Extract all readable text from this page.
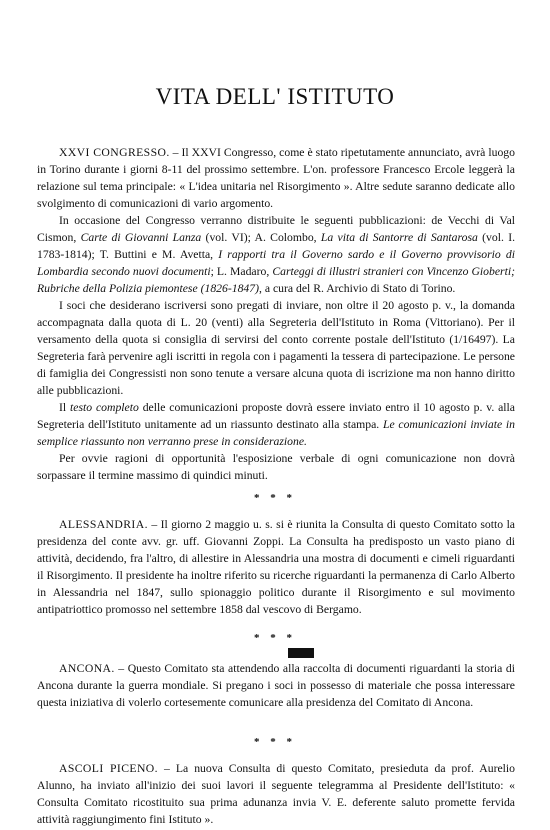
VITA DELL' ISTITUTO

XXVI CONGRESSO. – Il XXVI Congresso, come è stato ripetutamente annunciato, avrà luogo in Torino durante i giorni 8-11 del prossimo settembre. L'on. professore Francesco Ercole leggerà la relazione sul tema principale: « L'idea unitaria nel Risorgimento ». Altre sedute saranno dedicate allo svolgimento di comunicazioni di vario argomento.

In occasione del Congresso verranno distribuite le seguenti pubblicazioni: de Vecchi di Val Cismon, Carte di Giovanni Lanza (vol. VI); A. Colombo, La vita di Santorre di Santarosa (vol. I. 1783-1814); T. Buttini e M. Avetta, I rapporti tra il Governo sardo e il Governo provvisorio di Lombardia secondo nuovi documenti; L. Madaro, Carteggi di illustri stranieri con Vincenzo Gioberti; Rubriche della Polizia piemontese (1826-1847), a cura del R. Archivio di Stato di Torino.

I soci che desiderano iscriversi sono pregati di inviare, non oltre il 20 agosto p. v., la domanda accompagnata dalla quota di L. 20 (venti) alla Segreteria dell'Istituto in Roma (Vittoriano). Per il versamento della quota si consiglia di servirsi del conto corrente postale dell'Istituto (1/16497). La Segreteria farà pervenire agli iscritti in regola con i pagamenti la tessera di partecipazione. Le persone di famiglia dei Congressisti non sono tenute a versare alcuna quota di iscrizione ma non hanno diritto alle pubblicazioni.

Il testo completo delle comunicazioni proposte dovrà essere inviato entro il 10 agosto p. v. alla Segreteria dell'Istituto unitamente ad un riassunto destinato alla stampa. Le comunicazioni inviate in semplice riassunto non verranno prese in considerazione.

Per ovvie ragioni di opportunità l'esposizione verbale di ogni comunicazione non dovrà sorpassare il termine massimo di quindici minuti.

* * *

ALESSANDRIA. – Il giorno 2 maggio u. s. si è riunita la Consulta di questo Comitato sotto la presidenza del conte avv. gr. uff. Giovanni Zoppi. La Consulta ha predisposto un vasto piano di attività, decidendo, fra l'altro, di allestire in Alessandria una mostra di documenti e cimeli riguardanti il Risorgimento. Il presidente ha inoltre riferito su ricerche riguardanti la permanenza di Carlo Alberto in Alessandria nel 1847, sullo spionaggio politico durante il Risorgimento e sul movimento antipatriottico promosso nel settembre 1858 dal vescovo di Bergamo.

* * *

ANCONA. – Questo Comitato sta attendendo alla raccolta di documenti riguardanti la storia di Ancona durante la guerra mondiale. Si pregano i soci in possesso di materiale che possa interessare questa iniziativa di volerlo cortesemente comunicare alla presidenza del Comitato di Ancona.

* * *

ASCOLI PICENO. – La nuova Consulta di questo Comitato, presieduta da prof. Aurelio Alunno, ha inviato all'inizio dei suoi lavori il seguente telegramma al Presidente dell'Istituto: « Consulta Comitato ricostituito sua prima adunanza invia V. E. deferente saluto promette fervida attività raggiungimento fini Istituto ».
